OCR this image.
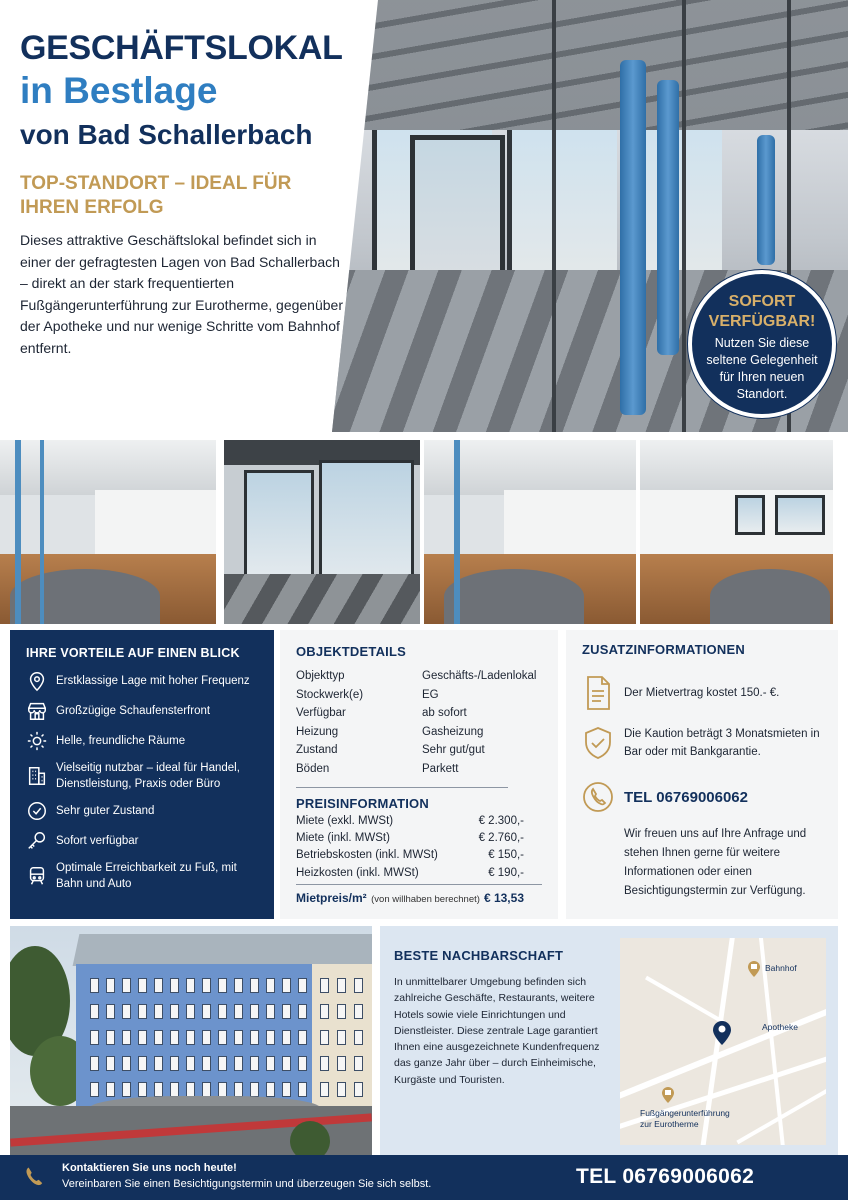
GESCHÄFTSLOKAL
in Bestlage
von Bad Schallerbach
TOP-STANDORT – IDEAL FÜR IHREN ERFOLG
Dieses attraktive Geschäftslokal befindet sich in einer der gefragtesten Lagen von Bad Schallerbach – direkt an der stark frequentierten Fußgängerunterführung zur Eurotherme, gegenüber der Apotheke und nur wenige Schritte vom Bahnhof entfernt.
SOFORT
VERFÜGBAR!
Nutzen Sie diese seltene Gelegenheit für Ihren neuen Standort.
IHRE VORTEILE AUF EINEN BLICK
Erstklassige Lage mit hoher Frequenz
Großzügige Schaufensterfront
Helle, freundliche Räume
Vielseitig nutzbar – ideal für Handel, Dienstleistung, Praxis oder Büro
Sehr guter Zustand
Sofort verfügbar
Optimale Erreichbarkeit zu Fuß, mit Bahn und Auto
OBJEKTDETAILS
Objekttyp	Geschäfts-/Ladenlokal
Stockwerk(e)	EG
Verfügbar	ab sofort
Heizung	Gasheizung
Zustand	Sehr gut/gut
Böden	Parkett
PREISINFORMATION
Miete (exkl. MWSt)	€ 2.300,-
Miete (inkl. MWSt)	€ 2.760,-
Betriebskosten (inkl. MWSt)	€ 150,-
Heizkosten (inkl. MWSt)	€ 190,-
Mietpreis/m² (von willhaben berechnet) € 13,53
ZUSATZINFORMATIONEN
Der Mietvertrag kostet 150.- €.
Die Kaution beträgt 3 Monatsmieten in Bar oder mit Bankgarantie.
TEL 06769006062
Wir freuen uns auf Ihre Anfrage und stehen Ihnen gerne für weitere Informationen oder einen Besichtigungstermin zur Verfügung.
BESTE NACHBARSCHAFT
In unmittelbarer Umgebung befinden sich zahlreiche Geschäfte, Restaurants, weitere Hotels sowie viele Einrichtungen und Dienstleister. Diese zentrale Lage garantiert Ihnen eine ausgezeichnete Kundenfrequenz das ganze Jahr über – durch Einheimische, Kurgäste und Touristen.
Bahnhof
Apotheke
Fußgängerunterführung
zur Eurotherme
Kontaktieren Sie uns noch heute!
Vereinbaren Sie einen Besichtigungstermin und überzeugen Sie sich selbst.	TEL 06769006062
